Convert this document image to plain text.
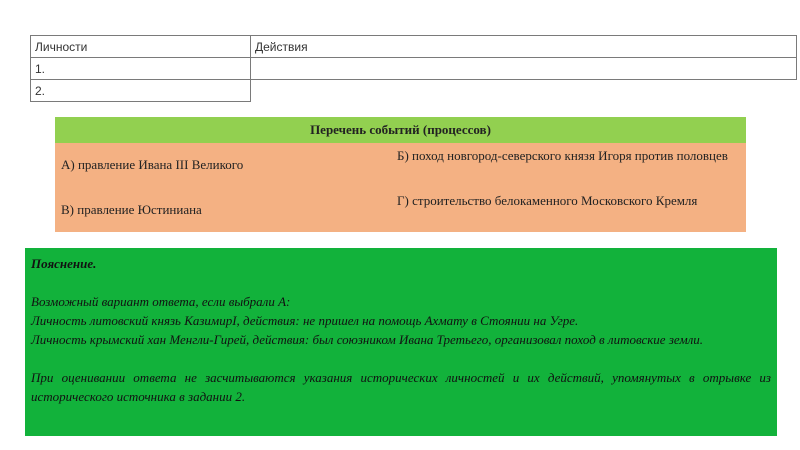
Личности	Действия
1.	
2.	
Перечень событий (процессов)
А) правление Ивана III Великого
Б) поход новгород-северского князя Игоря против половцев
В) правление Юстиниана
Г) строительство белокаменного Московского Кремля

Пояснение.

Возможный вариант ответа, если выбрали А:

Личность литовский князь КазимирI, действия: не пришел на помощь Ахмату в Стоянии на Угре.

Личность крымский хан Менгли-Гирей, действия: был союзником Ивана Третьего, организовал поход в литовские земли.

При оценивании ответа не засчитываются указания исторических личностей и их действий, упомянутых в отрывке из исторического источника в задании 2.
